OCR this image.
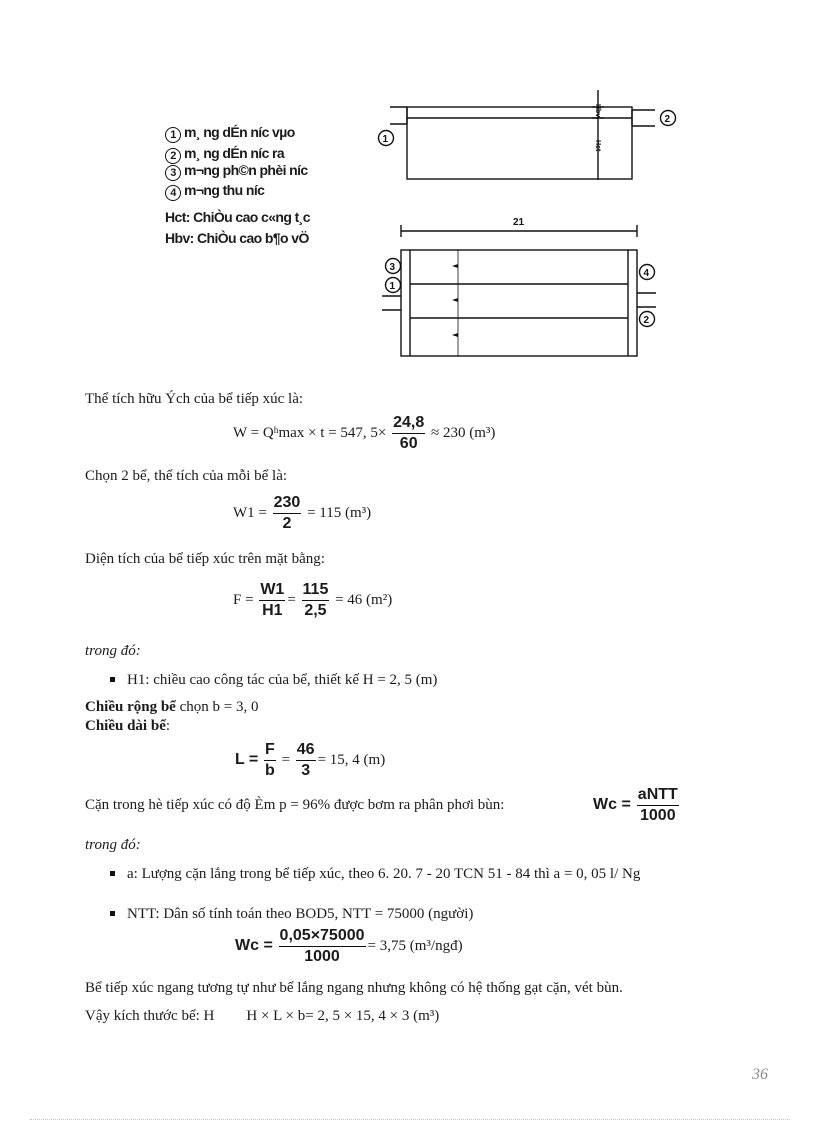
1 m¸ ng dÉn níc vµo
2 m¸ ng dÉn níc ra
3 m¬ng ph©n phèi níc
4 m¬ng thu níc
Hct: ChiÒu cao c«ng t¸c
Hbv: ChiÒu cao b¶o vÖ
21
Hbv
Hct
1
2
3
1
4
2
Thể tích hữu Ých của bể tiếp xúc là:
W = Qʰmax × t = 547, $5\times \frac{24,8}{60} \approx 230$ (m³)
Chọn 2 bể, thể tích của mỗi bể là:
$W1 = \frac{230}{2} = 115$ (m³)
Diện tích của bể tiếp xúc trên mặt bằng:
$F = \frac{W1}{H1} = \frac{115}{2,5} = 46$ (m²)
trong đó:
H1: chiều cao công tác của bể, thiết kế H = 2, 5 (m)
Chiều rộng bể chọn b = 3, 0
Chiều dài bể:
$L = \frac{F}{b} = \frac{46}{3} = 15$, 4 (m)
Cặn trong hè tiếp xúc có độ Èm p = 96% được bơm ra phân phơi bùn:	$Wc = \frac{\text{aNTT}}{1000}$
trong đó:
a: Lượng cặn lắng trong bể tiếp xúc, theo 6. 20. 7 - 20 TCN 51 - 84 thì a = 0, 05 l/ Ng
NTT: Dân số tính toán theo BOD5, NTT = 75000 (người)
$Wc = \frac{0,05\times 75000}{1000} = 3,75$ (m³/ngđ)
Bể tiếp xúc ngang tương tự như bể lắng ngang nhưng không có hệ thống gạt cặn, vét bùn.
Vậy kích thước bể: H H × L × b= 2, 5 × 15, 4 × 3 (m³)
36
